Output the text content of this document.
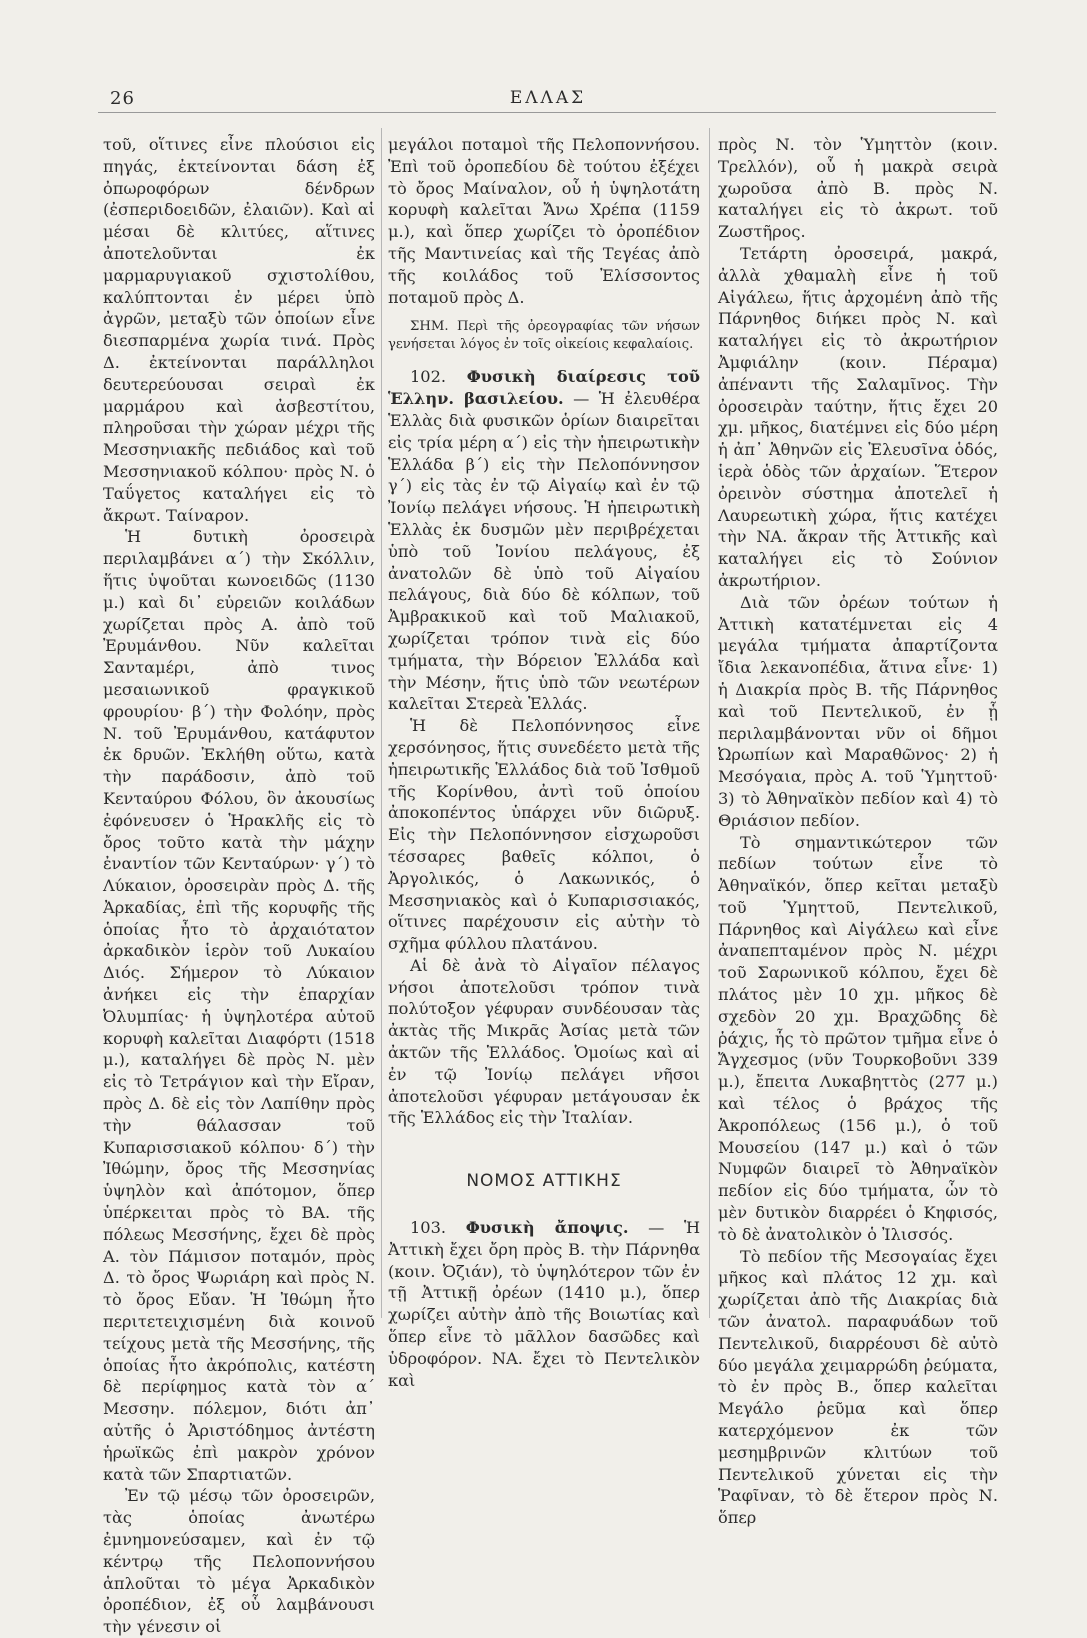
26	ΕΛΛΑΣ

τοῦ, οἵτινες εἶνε πλούσιοι εἰς πηγάς, ἐκτείνονται δάση ἐξ ὀπωροφόρων δένδρων (ἐσπεριδοειδῶν, ἐλαιῶν). Καὶ αἱ μέσαι δὲ κλιτύες, αἵτινες ἀποτελοῦνται ἐκ μαρμαρυγιακοῦ σχιστολίθου, καλύπτονται ἐν μέρει ὑπὸ ἀγρῶν, μεταξὺ τῶν ὁποίων εἶνε διεσπαρμένα χωρία τινά. Πρὸς Δ. ἐκτείνονται παράλληλοι δευτερεύουσαι σειραὶ ἐκ μαρμάρου καὶ ἀσβεστίτου, πληροῦσαι τὴν χώραν μέχρι τῆς Μεσσηνιακῆς πεδιάδος καὶ τοῦ Μεσσηνιακοῦ κόλπου· πρὸς Ν. ὁ Ταΰγετος καταλήγει εἰς τὸ ἄκρωτ. Ταίναρον.

Ἡ δυτικὴ ὀροσειρὰ περιλαμβάνει α΄) τὴν Σκόλλιν, ἥτις ὑψοῦται κωνοειδῶς (1130 μ.) καὶ δι᾽ εὐρειῶν κοιλάδων χωρίζεται πρὸς Α. ἀπὸ τοῦ Ἐρυμάνθου. Νῦν καλεῖται Σανταμέρι, ἀπὸ τινος μεσαιωνικοῦ φραγκικοῦ φρουρίου· β΄) τὴν Φολόην, πρὸς Ν. τοῦ Ἐρυμάνθου, κατάφυτον ἐκ δρυῶν. Ἐκλήθη οὕτω, κατὰ τὴν παράδοσιν, ἀπὸ τοῦ Κενταύρου Φόλου, ὃν ἀκουσίως ἐφόνευσεν ὁ Ἡρακλῆς εἰς τὸ ὄρος τοῦτο κατὰ τὴν μάχην ἐναντίον τῶν Κενταύρων· γ΄) τὸ Λύκαιον, ὀροσειρὰν πρὸς Δ. τῆς Ἀρκαδίας, ἐπὶ τῆς κορυφῆς τῆς ὁποίας ἦτο τὸ ἀρχαιότατον ἀρκαδικὸν ἱερὸν τοῦ Λυκαίου Διός. Σήμερον τὸ Λύκαιον ἀνήκει εἰς τὴν ἐπαρχίαν Ὀλυμπίας· ἡ ὑψηλοτέρα αὐτοῦ κορυφὴ καλεῖται Διαφόρτι (1518 μ.), καταλήγει δὲ πρὸς Ν. μὲν εἰς τὸ Τετράγιον καὶ τὴν Εἴραν, πρὸς Δ. δὲ εἰς τὸν Λαπίθην πρὸς τὴν θάλασσαν τοῦ Κυπαρισσιακοῦ κόλπου· δ΄) τὴν Ἰθώμην, ὄρος τῆς Μεσσηνίας ὑψηλὸν καὶ ἀπότομον, ὅπερ ὑπέρκειται πρὸς τὸ ΒΑ. τῆς πόλεως Μεσσήνης, ἔχει δὲ πρὸς Α. τὸν Πάμισον ποταμόν, πρὸς Δ. τὸ ὄρος Ψωριάρη καὶ πρὸς Ν. τὸ ὄρος Εὔαν. Ἡ Ἰθώμη ἦτο περιτετειχισμένη διὰ κοινοῦ τείχους μετὰ τῆς Μεσσήνης, τῆς ὁποίας ἦτο ἀκρόπολις, κατέστη δὲ περίφημος κατὰ τὸν α΄ Μεσσην. πόλεμον, διότι ἀπ᾽ αὐτῆς ὁ Ἀριστόδημος ἀντέστη ἡρωϊκῶς ἐπὶ μακρὸν χρόνον κατὰ τῶν Σπαρτιατῶν.

Ἐν τῷ μέσῳ τῶν ὀροσειρῶν, τὰς ὁποίας ἀνωτέρω ἐμνημονεύσαμεν, καὶ ἐν τῷ κέντρῳ τῆς Πελοποννήσου ἁπλοῦται τὸ μέγα Ἀρκαδικὸν ὀροπέδιον, ἐξ οὗ λαμβάνουσι τὴν γένεσιν οἱ

μεγάλοι ποταμοὶ τῆς Πελοποννήσου. Ἐπὶ τοῦ ὀροπεδίου δὲ τούτου ἐξέχει τὸ ὄρος Μαίναλον, οὗ ἡ ὑψηλοτάτη κορυφὴ καλεῖται Ἄνω Χρέπα (1159 μ.), καὶ ὅπερ χωρίζει τὸ ὀροπέδιον τῆς Μαντινείας καὶ τῆς Τεγέας ἀπὸ τῆς κοιλάδος τοῦ Ἐλίσσοντος ποταμοῦ πρὸς Δ.

ΣΗΜ. Περὶ τῆς ὀρεογραφίας τῶν νήσων γενήσεται λόγος ἐν τοῖς οἰκείοις κεφαλαίοις.

102. Φυσικὴ διαίρεσις τοῦ Ἑλλην. βασιλείου. — Ἡ ἐλευθέρα Ἑλλὰς διὰ φυσικῶν ὁρίων διαιρεῖται εἰς τρία μέρη α΄) εἰς τὴν ἠπειρωτικὴν Ἑλλάδα β΄) εἰς τὴν Πελοπόννησον γ΄) εἰς τὰς ἐν τῷ Αἰγαίῳ καὶ ἐν τῷ Ἰονίῳ πελάγει νήσους. Ἡ ἠπειρωτικὴ Ἑλλὰς ἐκ δυσμῶν μὲν περιβρέχεται ὑπὸ τοῦ Ἰονίου πελάγους, ἐξ ἀνατολῶν δὲ ὑπὸ τοῦ Αἰγαίου πελάγους, διὰ δύο δὲ κόλπων, τοῦ Ἀμβρακικοῦ καὶ τοῦ Μαλιακοῦ, χωρίζεται τρόπον τινὰ εἰς δύο τμήματα, τὴν Βόρειον Ἑλλάδα καὶ τὴν Μέσην, ἥτις ὑπὸ τῶν νεωτέρων καλεῖται Στερεὰ Ἑλλάς.

Ἡ δὲ Πελοπόννησος εἶνε χερσόνησος, ἥτις συνεδέετο μετὰ τῆς ἠπειρωτικῆς Ἑλλάδος διὰ τοῦ Ἰσθμοῦ τῆς Κορίνθου, ἀντὶ τοῦ ὁποίου ἀποκοπέντος ὑπάρχει νῦν διῶρυξ. Εἰς τὴν Πελοπόννησον εἰσχωροῦσι τέσσαρες βαθεῖς κόλποι, ὁ Ἀργολικός, ὁ Λακωνικός, ὁ Μεσσηνιακὸς καὶ ὁ Κυπαρισσιακός, οἵτινες παρέχουσιν εἰς αὐτὴν τὸ σχῆμα φύλλου πλατάνου.

Αἱ δὲ ἀνὰ τὸ Αἰγαῖον πέλαγος νήσοι ἀποτελοῦσι τρόπον τινὰ πολύτοξον γέφυραν συνδέουσαν τὰς ἀκτὰς τῆς Μικρᾶς Ἀσίας μετὰ τῶν ἀκτῶν τῆς Ἑλλάδος. Ὁμοίως καὶ αἱ ἐν τῷ Ἰονίῳ πελάγει νῆσοι ἀποτελοῦσι γέφυραν μετάγουσαν ἐκ τῆς Ἑλλάδος εἰς τὴν Ἰταλίαν.

ΝΟΜΟΣ ΑΤΤΙΚΗΣ

103. Φυσικὴ ἄποψις. — Ἡ Ἀττικὴ ἔχει ὄρη πρὸς Β. τὴν Πάρνηθα (κοιν. Ὀζιάν), τὸ ὑψηλότερον τῶν ἐν τῇ Ἀττικῇ ὀρέων (1410 μ.), ὅπερ χωρίζει αὐτὴν ἀπὸ τῆς Βοιωτίας καὶ ὅπερ εἶνε τὸ μᾶλλον δασῶδες καὶ ὑδροφόρον. ΝΑ. ἔχει τὸ Πεντελικὸν καὶ

πρὸς Ν. τὸν Ὑμηττὸν (κοιν. Τρελλόν), οὗ ἡ μακρὰ σειρὰ χωροῦσα ἀπὸ Β. πρὸς Ν. καταλήγει εἰς τὸ ἀκρωτ. τοῦ Ζωστῆρος.

Τετάρτη ὀροσειρά, μακρά, ἀλλὰ χθαμαλὴ εἶνε ἡ τοῦ Αἰγάλεω, ἥτις ἀρχομένη ἀπὸ τῆς Πάρνηθος διήκει πρὸς Ν. καὶ καταλήγει εἰς τὸ ἀκρωτήριον Ἀμφιάλην (κοιν. Πέραμα) ἀπέναντι τῆς Σαλαμῖνος. Τὴν ὀροσειρὰν ταύτην, ἥτις ἔχει 20 χμ. μῆκος, διατέμνει εἰς δύο μέρη ἡ ἀπ᾽ Ἀθηνῶν εἰς Ἐλευσῖνα ὁδός, ἱερὰ ὁδὸς τῶν ἀρχαίων. Ἕτερον ὀρεινὸν σύστημα ἀποτελεῖ ἡ Λαυρεωτικὴ χώρα, ἥτις κατέχει τὴν ΝΑ. ἄκραν τῆς Ἀττικῆς καὶ καταλήγει εἰς τὸ Σούνιον ἀκρωτήριον.

Διὰ τῶν ὀρέων τούτων ἡ Ἀττικὴ κατατέμνεται εἰς 4 μεγάλα τμήματα ἀπαρτίζοντα ἴδια λεκανοπέδια, ἅτινα εἶνε· 1) ἡ Διακρία πρὸς Β. τῆς Πάρνηθος καὶ τοῦ Πεντελικοῦ, ἐν ᾗ περιλαμβάνονται νῦν οἱ δῆμοι Ὠρωπίων καὶ Μαραθῶνος· 2) ἡ Μεσόγαια, πρὸς Α. τοῦ Ὑμηττοῦ· 3) τὸ Ἀθηναϊκὸν πεδίον καὶ 4) τὸ Θριάσιον πεδίον.

Τὸ σημαντικώτερον τῶν πεδίων τούτων εἶνε τὸ Ἀθηναϊκόν, ὅπερ κεῖται μεταξὺ τοῦ Ὑμηττοῦ, Πεντελικοῦ, Πάρνηθος καὶ Αἰγάλεω καὶ εἶνε ἀναπεπταμένον πρὸς Ν. μέχρι τοῦ Σαρωνικοῦ κόλπου, ἔχει δὲ πλάτος μὲν 10 χμ. μῆκος δὲ σχεδὸν 20 χμ. Βραχῶδης δὲ ῥάχις, ἧς τὸ πρῶτον τμῆμα εἶνε ὁ Ἄγχεσμος (νῦν Τουρκοβοῦνι 339 μ.), ἔπειτα Λυκαβηττὸς (277 μ.) καὶ τέλος ὁ βράχος τῆς Ἀκροπόλεως (156 μ.), ὁ τοῦ Μουσείου (147 μ.) καὶ ὁ τῶν Νυμφῶν διαιρεῖ τὸ Ἀθηναϊκὸν πεδίον εἰς δύο τμήματα, ὧν τὸ μὲν δυτικὸν διαρρέει ὁ Κηφισός, τὸ δὲ ἀνατολικὸν ὁ Ἰλισσός.

Τὸ πεδίον τῆς Μεσογαίας ἔχει μῆκος καὶ πλάτος 12 χμ. καὶ χωρίζεται ἀπὸ τῆς Διακρίας διὰ τῶν ἀνατολ. παραφυάδων τοῦ Πεντελικοῦ, διαρρέουσι δὲ αὐτὸ δύο μεγάλα χειμαρρώδη ῥεύματα, τὸ ἐν πρὸς Β., ὅπερ καλεῖται Μεγάλο ῥεῦμα καὶ ὅπερ κατερχόμενον ἐκ τῶν μεσημβρινῶν κλιτύων τοῦ Πεντελικοῦ χύνεται εἰς τὴν Ῥαφῖναν, τὸ δὲ ἕτερον πρὸς Ν. ὅπερ
